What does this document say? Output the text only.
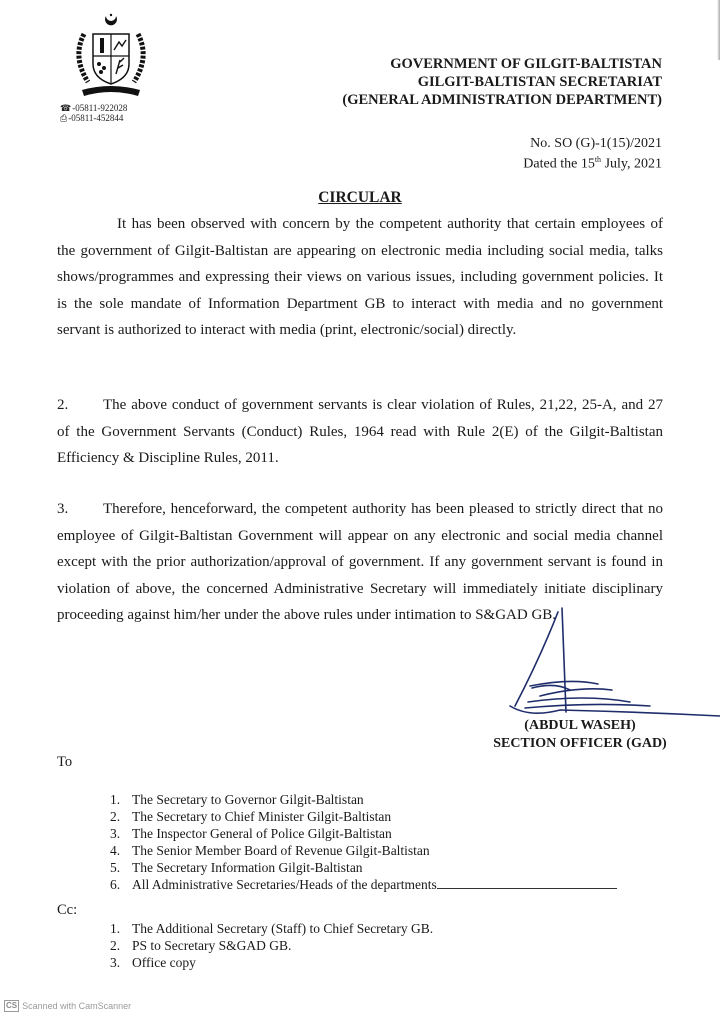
☎-05811-922028
⎙-05811-452844
GOVERNMENT OF GILGIT-BALTISTAN
GILGIT-BALTISTAN SECRETARIAT
(GENERAL ADMINISTRATION DEPARTMENT)
No. SO (G)-1(15)/2021
Dated the 15th July, 2021
CIRCULAR
It has been observed with concern by the competent authority that certain employees of the government of Gilgit-Baltistan are appearing on electronic media including social media, talks shows/programmes and expressing their views on various issues, including government policies. It is the sole mandate of Information Department GB to interact with media and no government servant is authorized to interact with media (print, electronic/social) directly.
2. The above conduct of government servants is clear violation of Rules, 21,22, 25-A, and 27 of the Government Servants (Conduct) Rules, 1964 read with Rule 2(E) of the Gilgit-Baltistan Efficiency & Discipline Rules, 2011.
3. Therefore, henceforward, the competent authority has been pleased to strictly direct that no employee of Gilgit-Baltistan Government will appear on any electronic and social media channel except with the prior authorization/approval of government. If any government servant is found in violation of above, the concerned Administrative Secretary will immediately initiate disciplinary proceeding against him/her under the above rules under intimation to S&GAD GB.
(ABDUL WASEH)
SECTION OFFICER (GAD)
To
1. The Secretary to Governor Gilgit-Baltistan
2. The Secretary to Chief Minister Gilgit-Baltistan
3. The Inspector General of Police Gilgit-Baltistan
4. The Senior Member Board of Revenue Gilgit-Baltistan
5. The Secretary Information Gilgit-Baltistan
6. All Administrative Secretaries/Heads of the departments
Cc:
1. The Additional Secretary (Staff) to Chief Secretary GB.
2. PS to Secretary S&GAD GB.
3. Office copy
CS Scanned with CamScanner
